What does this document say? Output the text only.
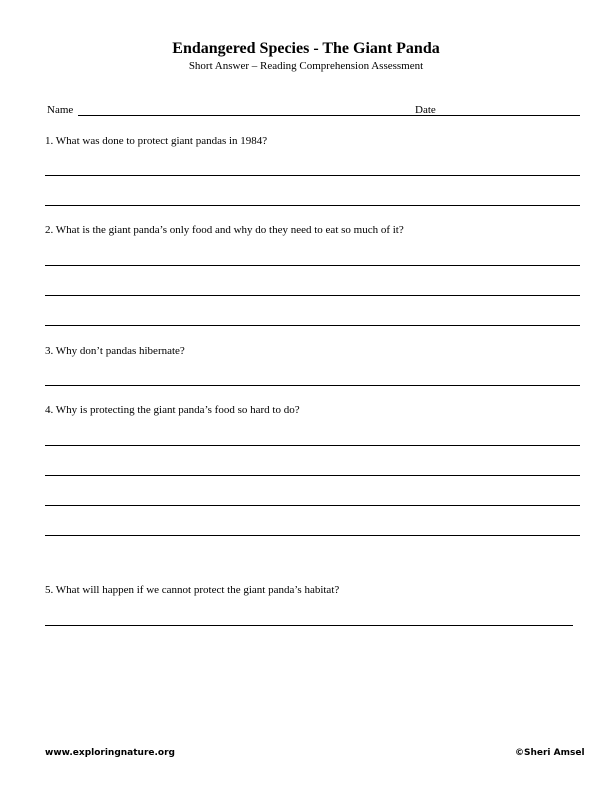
Endangered Species - The Giant Panda
Short Answer – Reading Comprehension Assessment
Name	Date
1. What was done to protect giant pandas in 1984?
2. What is the giant panda’s only food and why do they need to eat so much of it?
3. Why don’t pandas hibernate?
4. Why is protecting the giant panda’s food so hard to do?
5. What will happen if we cannot protect the giant panda’s habitat?
www.exploringnature.org	©Sheri Amsel
